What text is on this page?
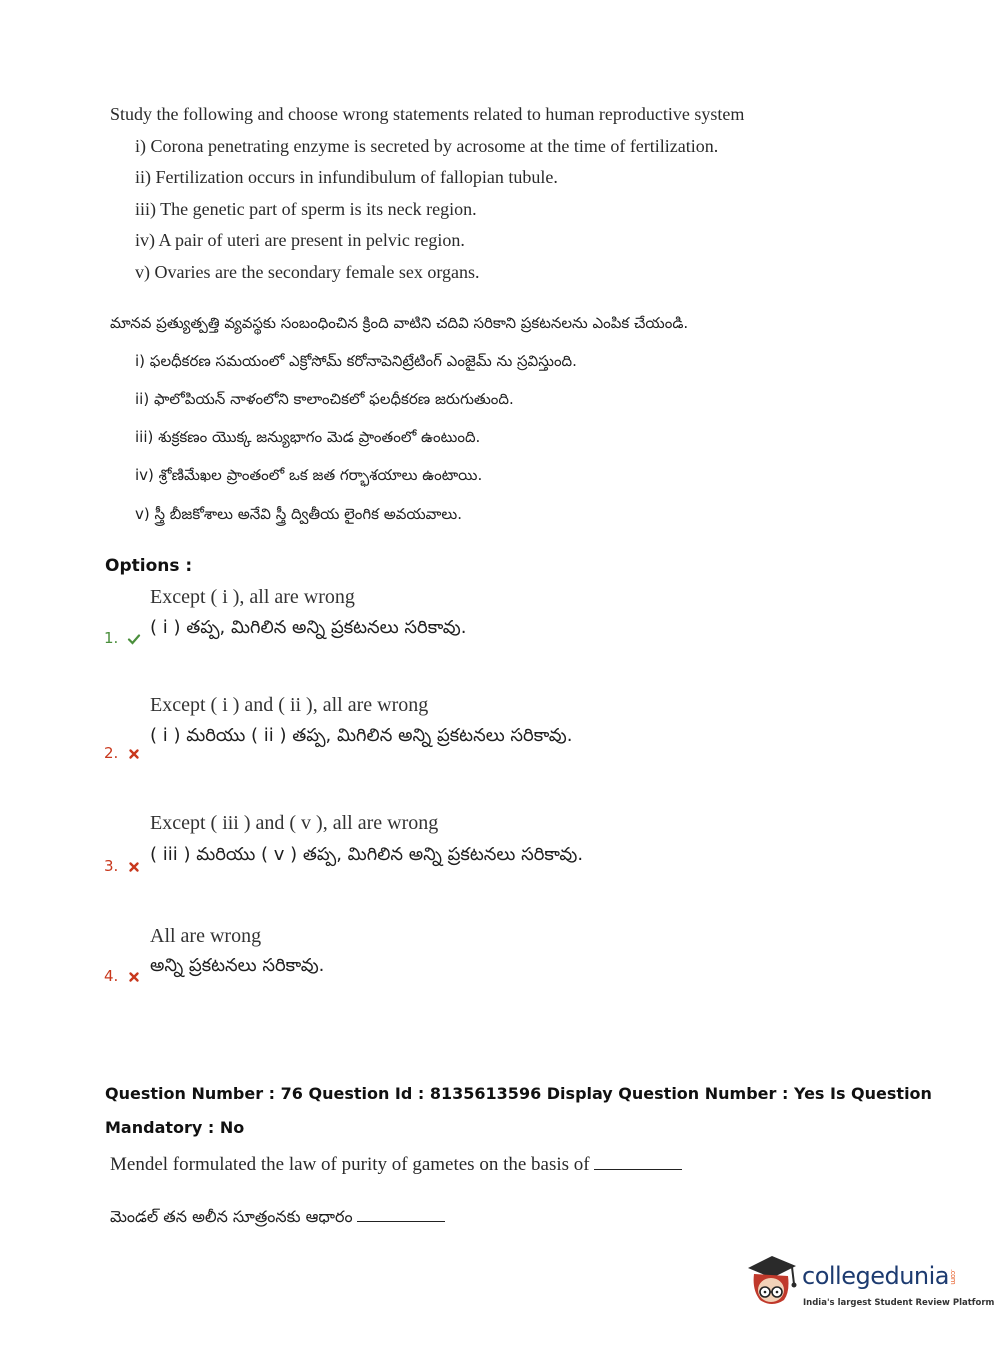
Study the following and choose wrong statements related to human reproductive system
i) Corona penetrating enzyme is secreted by acrosome at the time of fertilization.
ii) Fertilization occurs in infundibulum of fallopian tubule.
iii) The genetic part of sperm is its neck region.
iv) A pair of uteri are present in pelvic region.
v) Ovaries are the secondary female sex organs.
మానవ ప్రత్యుత్పత్తి వ్యవస్థకు సంబంధించిన క్రింది వాటిని చదివి సరికాని ప్రకటనలను ఎంపిక చేయండి.
i) ఫలధీకరణ సమయంలో ఎక్రోసోమ్ కరోనాపెనిట్రేటింగ్ ఎంజైమ్ ను స్రవిస్తుంది.
ii) ఫాలోపియన్ నాళంలోని కాలాంచికలో ఫలధీకరణ జరుగుతుంది.
iii) శుక్రకణం యొక్క జన్యుభాగం మెడ ప్రాంతంలో ఉంటుంది.
iv) శ్రోణిమేఖల ప్రాంతంలో ఒక జత గర్భాశయాలు ఉంటాయి.
v) స్త్రీ బీజకోశాలు అనేవి స్త్రీ ద్వితీయ లైంగిక అవయవాలు.
Options :
Except ( i ), all are wrong
1.	( i ) తప్ప, మిగిలిన అన్ని ప్రకటనలు సరికావు.
Except ( i ) and ( ii ), all are wrong
2.
( i ) మరియు ( ii ) తప్ప, మిగిలిన అన్ని ప్రకటనలు సరికావు.
Except ( iii ) and ( v ), all are wrong
3.
( iii ) మరియు ( v ) తప్ప, మిగిలిన అన్ని ప్రకటనలు సరికావు.
All are wrong
4.	అన్ని ప్రకటనలు సరికావు.
Question Number : 76 Question Id : 8135613596 Display Question Number : Yes Is Question
Mandatory : No
Mendel formulated the law of purity of gametes on the basis of
మెండల్ తన అలీన సూత్రంనకు ఆధారం
collegedunia.com
India's largest Student Review Platform
